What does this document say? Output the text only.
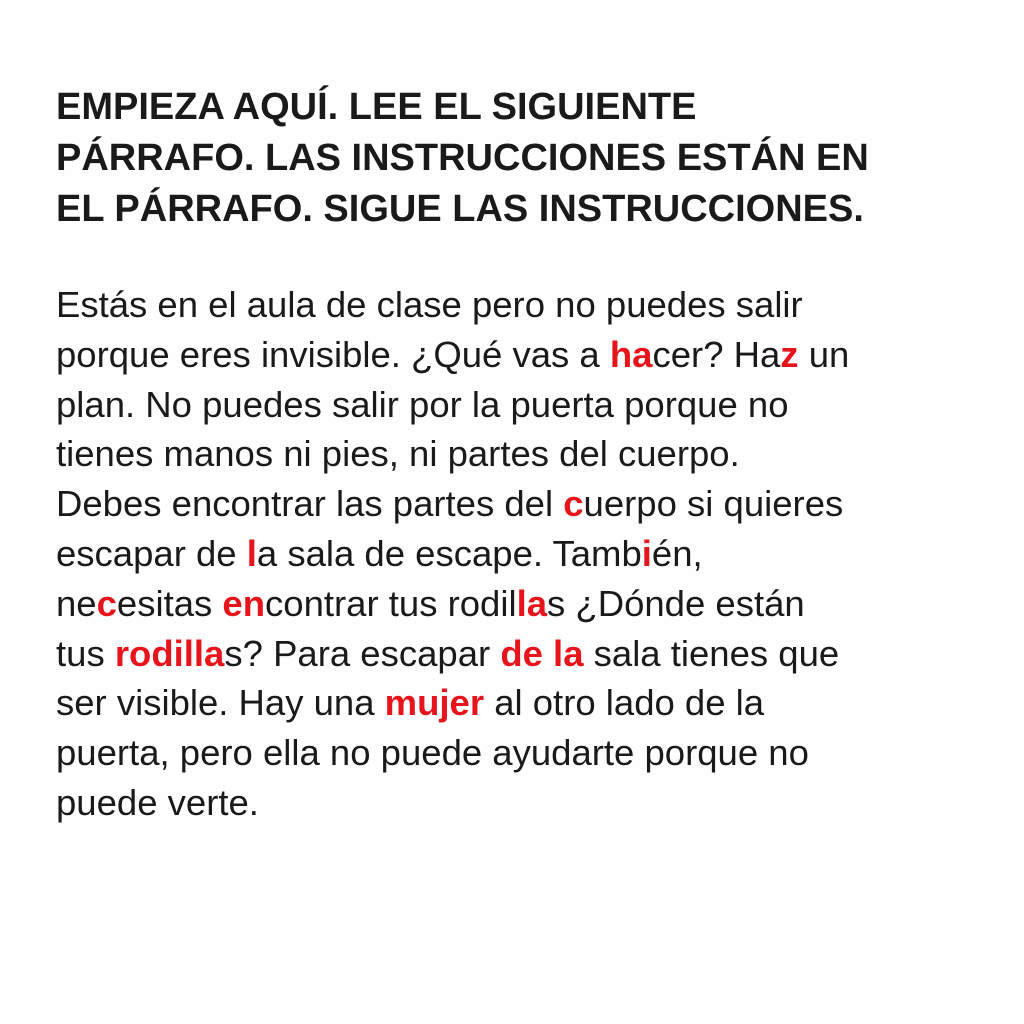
EMPIEZA AQUÍ. LEE EL SIGUIENTE
PÁRRAFO. LAS INSTRUCCIONES ESTÁN EN
EL PÁRRAFO. SIGUE LAS INSTRUCCIONES.
Estás en el aula de clase pero no puedes salir
porque eres invisible. ¿Qué vas a hacer? Haz un
plan. No puedes salir por la puerta porque no
tienes manos ni pies, ni partes del cuerpo.
Debes encontrar las partes del cuerpo si quieres
escapar de la sala de escape. También,
necesitas encontrar tus rodillas ¿Dónde están
tus rodillas? Para escapar de la sala tienes que
ser visible. Hay una mujer al otro lado de la
puerta, pero ella no puede ayudarte porque no
puede verte.
